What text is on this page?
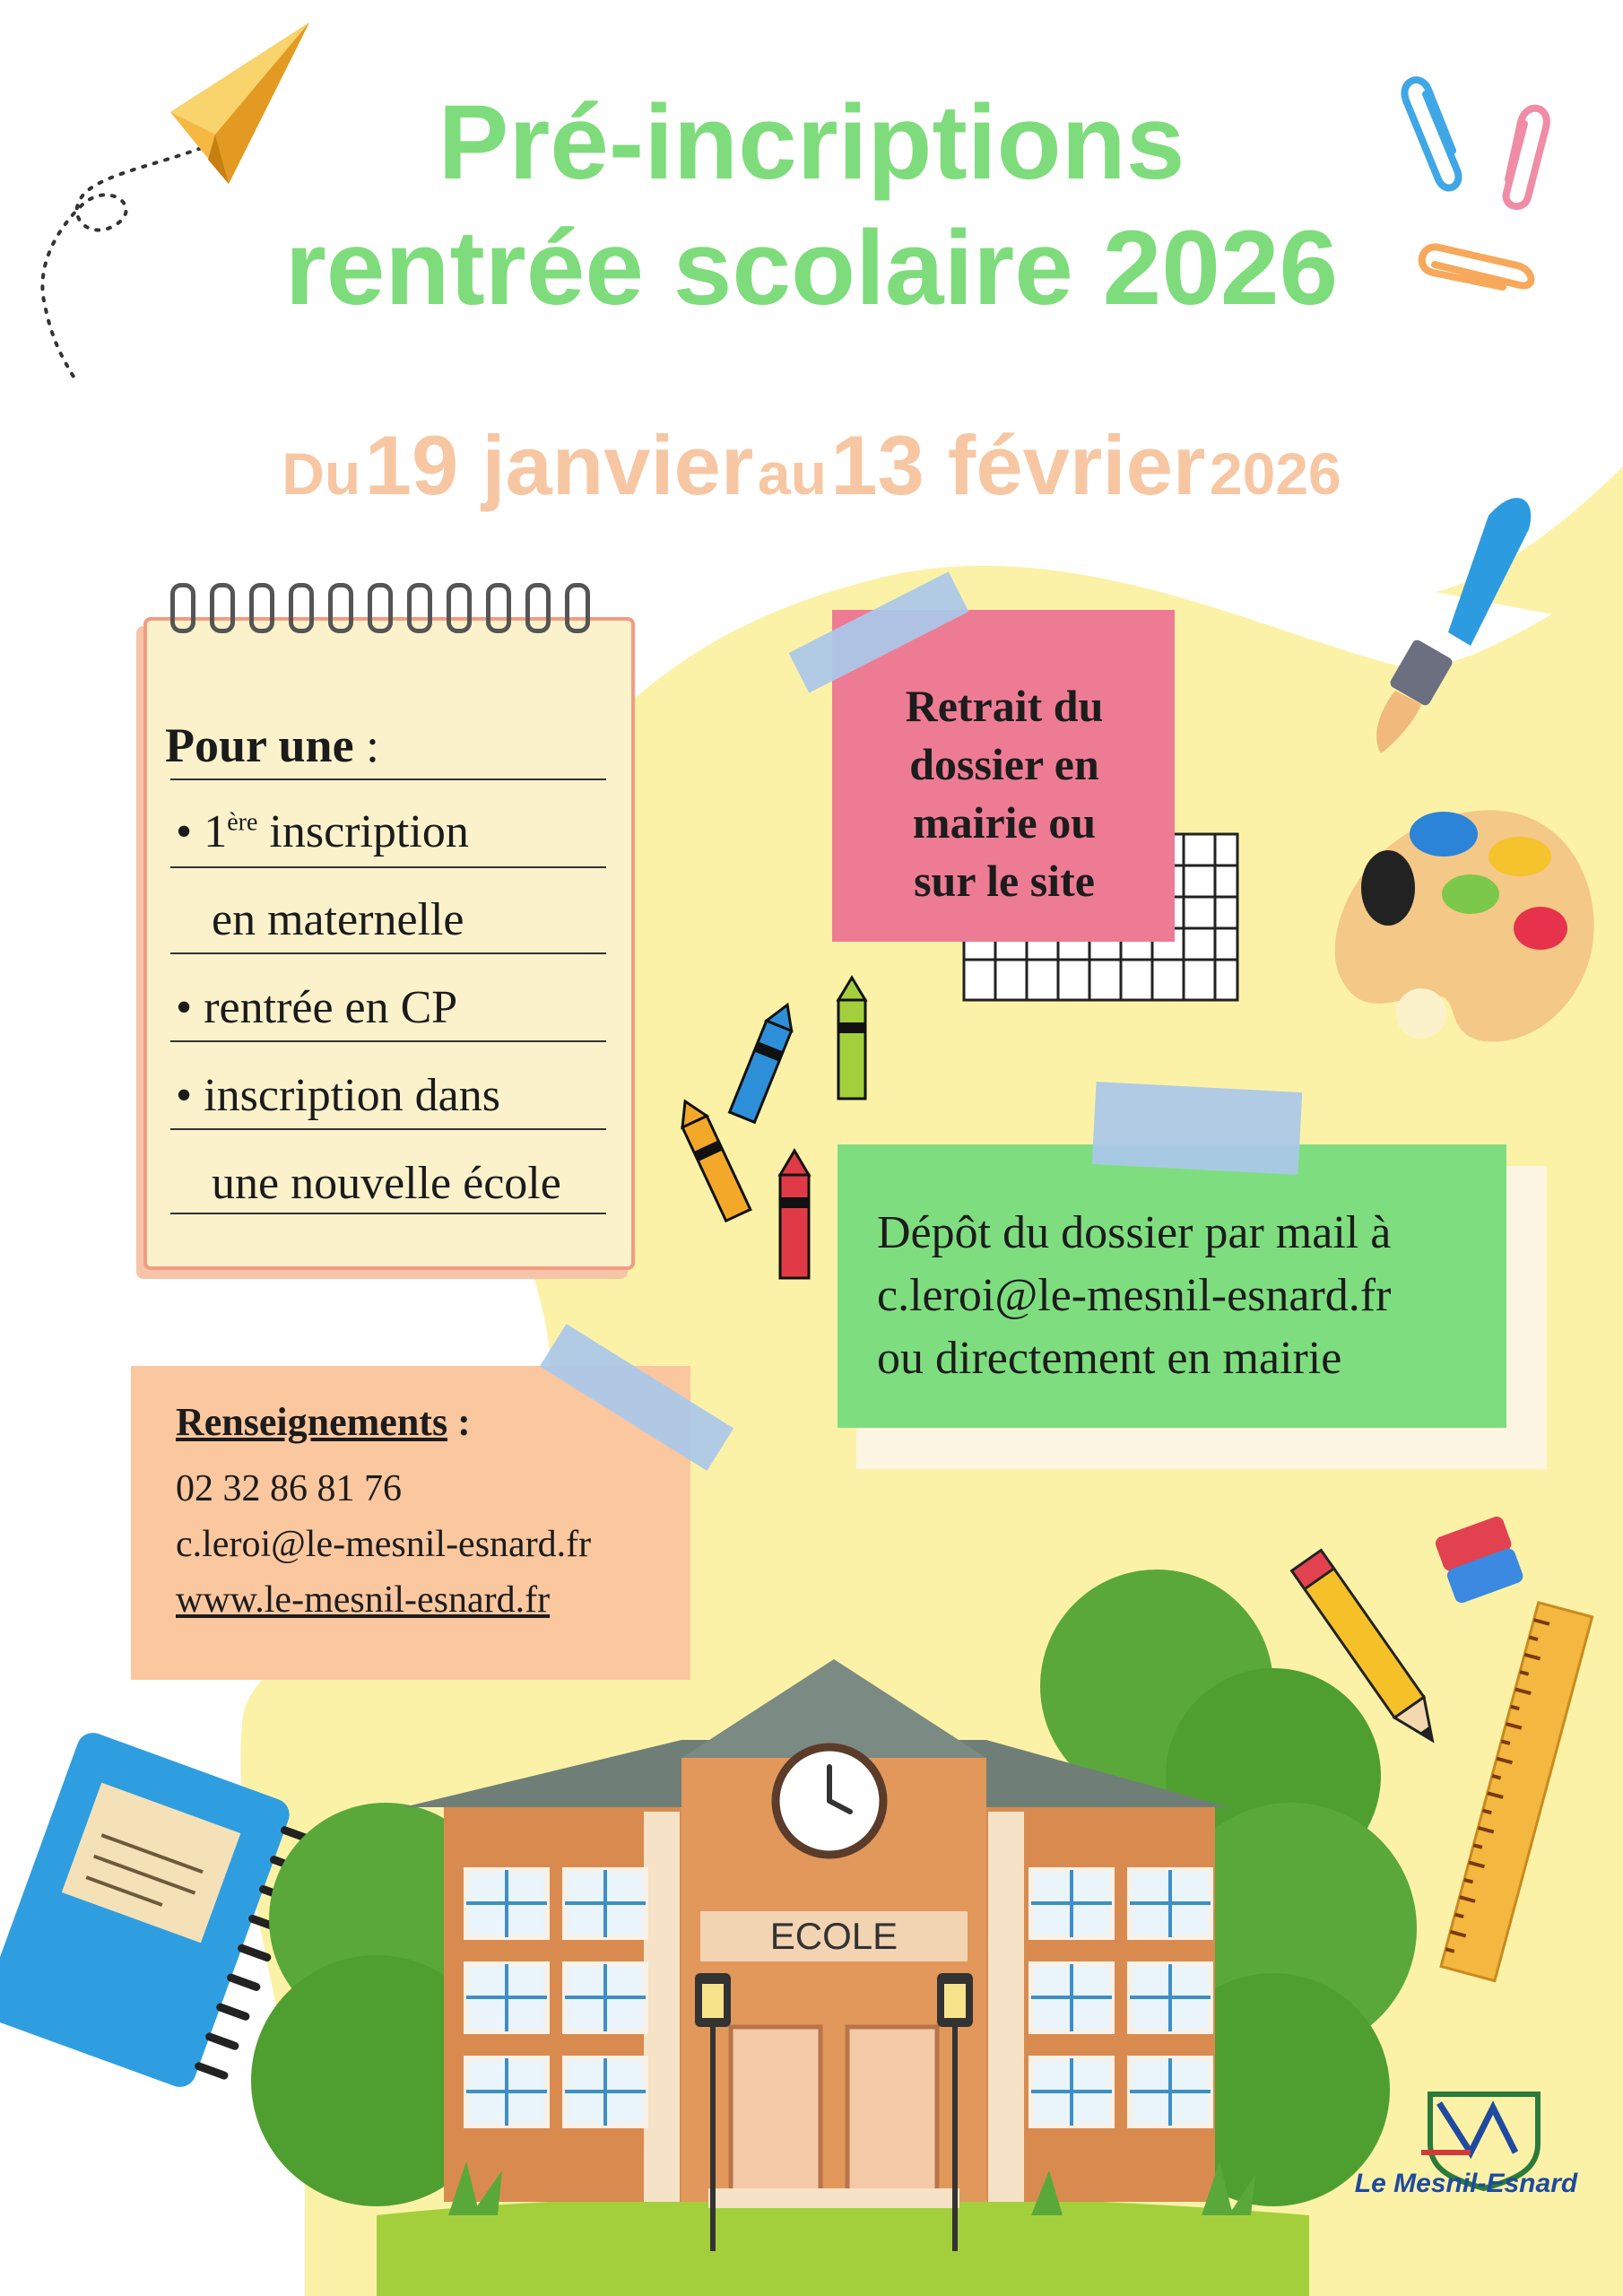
Pré-incriptions
rentrée scolaire 2026
Du 19 janvier au 13 février 2026
Pour une :
• 1ère inscription
en maternelle
• rentrée en CP
• inscription dans
une nouvelle école
Retrait du
dossier en
mairie ou
sur le site
Dépôt du dossier par mail à
c.leroi@le-mesnil-esnard.fr
ou directement en mairie
Renseignements :
02 32 86 81 76
c.leroi@le-mesnil-esnard.fr
www.le-mesnil-esnard.fr
ECOLE
Le Mesnil-Esnard
